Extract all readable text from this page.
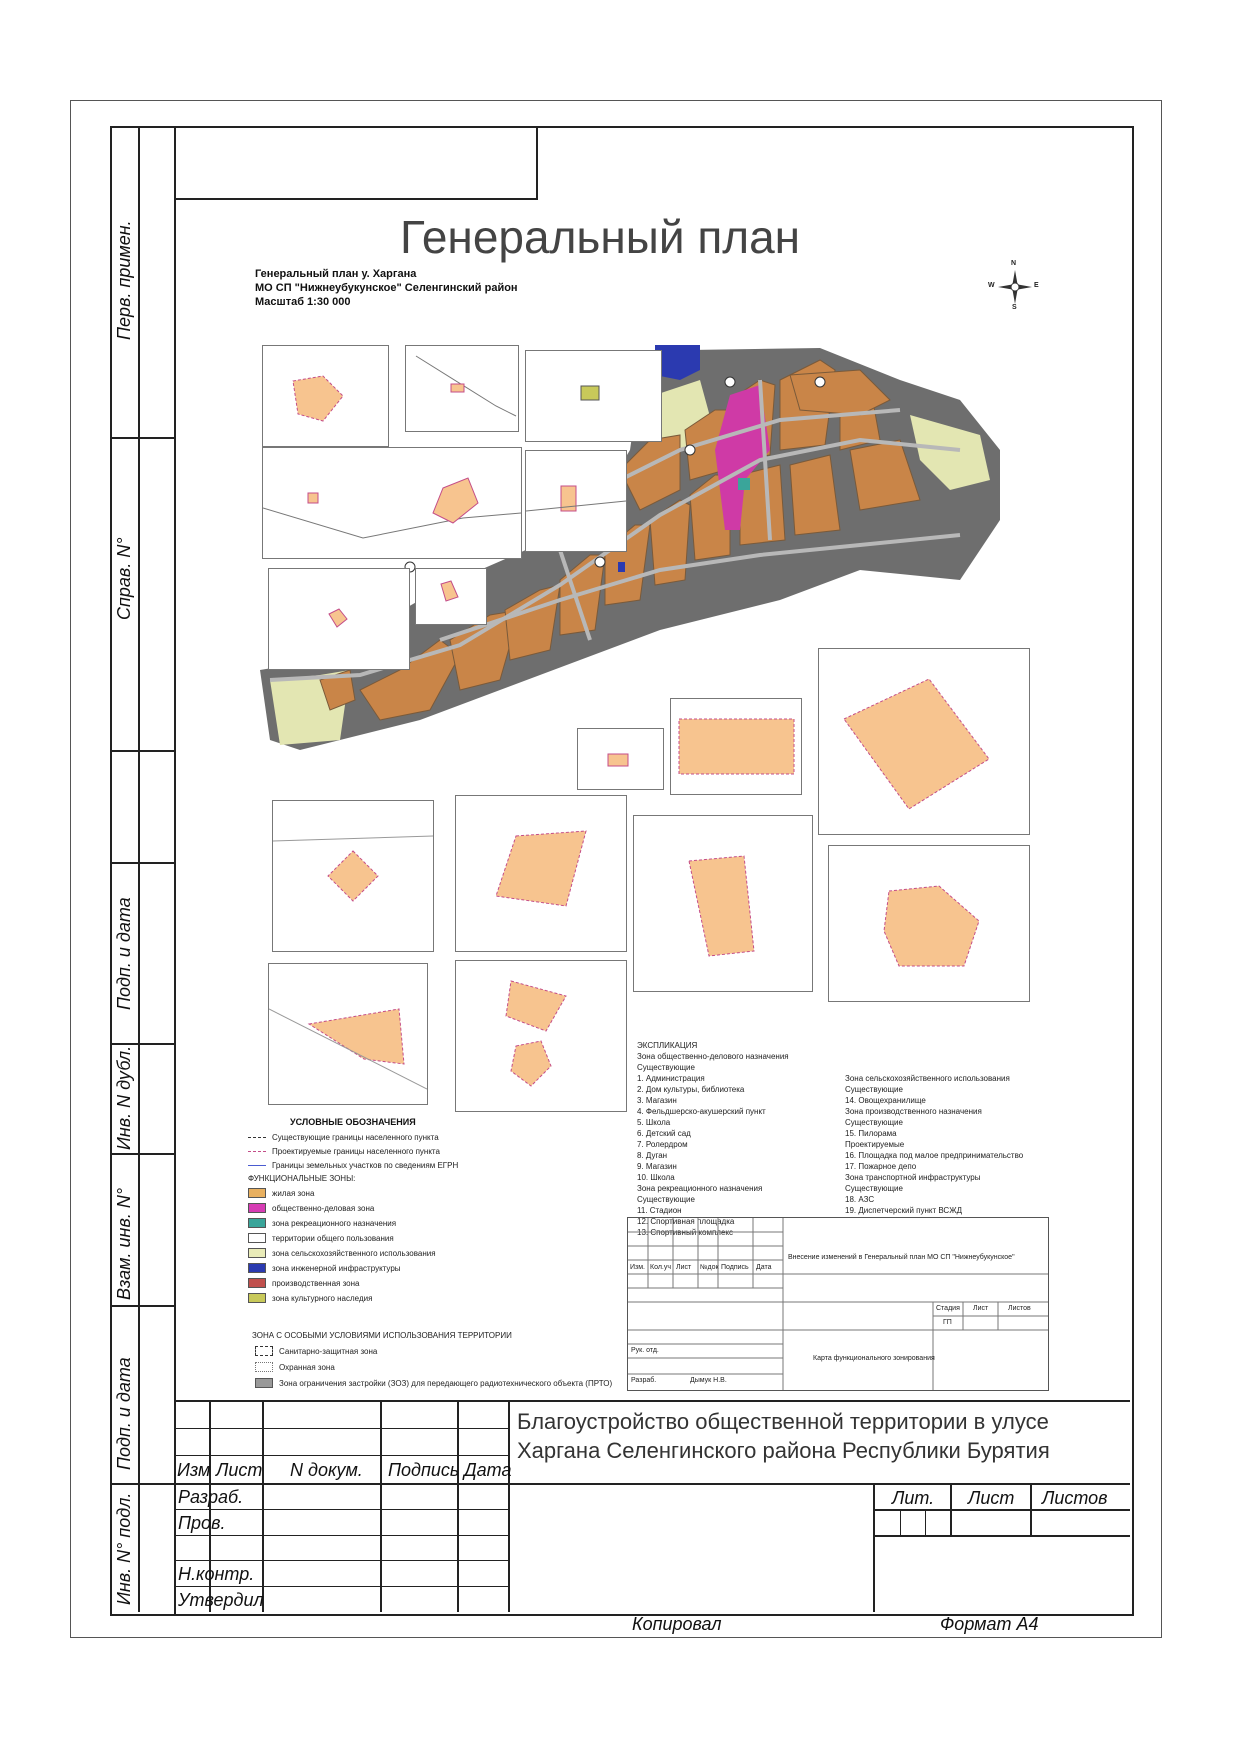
Перв. примен.
Справ. N°
Подп. и дата
Инв. N дубл.
Взам. инв. N°
Подп. и дата
Инв. N° подл.
Генеральный план
Генеральный план у. Харгана
МО СП "Нижнеубукунское" Селенгинский район
Масштаб 1:30 000
N
S
W	E
УСЛОВНЫЕ ОБОЗНАЧЕНИЯ
Существующие границы населенного пункта
Проектируемые границы населенного пункта
Границы земельных участков по сведениям ЕГРН
ФУНКЦИОНАЛЬНЫЕ ЗОНЫ:
жилая зона
общественно-деловая зона
зона рекреационного назначения
территории общего пользования
зона сельскохозяйственного использования
зона инженерной инфраструктуры
производственная зона
зона культурного наследия
ЗОНА С ОСОБЫМИ УСЛОВИЯМИ ИСПОЛЬЗОВАНИЯ ТЕРРИТОРИИ
Санитарно-защитная зона
Охранная зона
Зона ограничения застройки (ЗОЗ) для передающего радиотехнического объекта (ПРТО)
ЭКСПЛИКАЦИЯ
Зона общественно-делового назначения
Существующие
1. Администрация
2. Дом культуры, библиотека
3. Магазин
4. Фельдшерско-акушерский пункт
5. Школа
6. Детский сад
7. Ролердром
8. Дуган
9. Магазин
10. Школа
Зона рекреационного назначения
Существующие
11. Стадион
12. Спортивная площадка
13. Спортивный комплекс
Зона сельскохозяйственного использования
Существующие
14. Овощехранилище
Зона производственного назначения
Существующие
15. Пилорама
Проектируемые
16. Площадка под малое предпринимательство
17. Пожарное депо
Зона транспортной инфраструктуры
Существующие
18. АЗС
19. Диспетчерский пункт ВСЖД
Изм. Кол.уч Лист №док Подпись Дата
Внесение изменений в Генеральный план МО СП "Нижнеубукунское"
Стадия Лист	Листов
ГП
Карта функционального зонирования
Рук. отд.
Разраб.	Дымук Н.В.
Благоустройство общественной территории в улусе Харгана Селенгинского района Республики Бурятия
Изм Лист N докум. Подпись Дата
Разраб.
Пров.
Н.контр.
Утвердил
Лит. Лист Листов
Копировал	Формат А4
